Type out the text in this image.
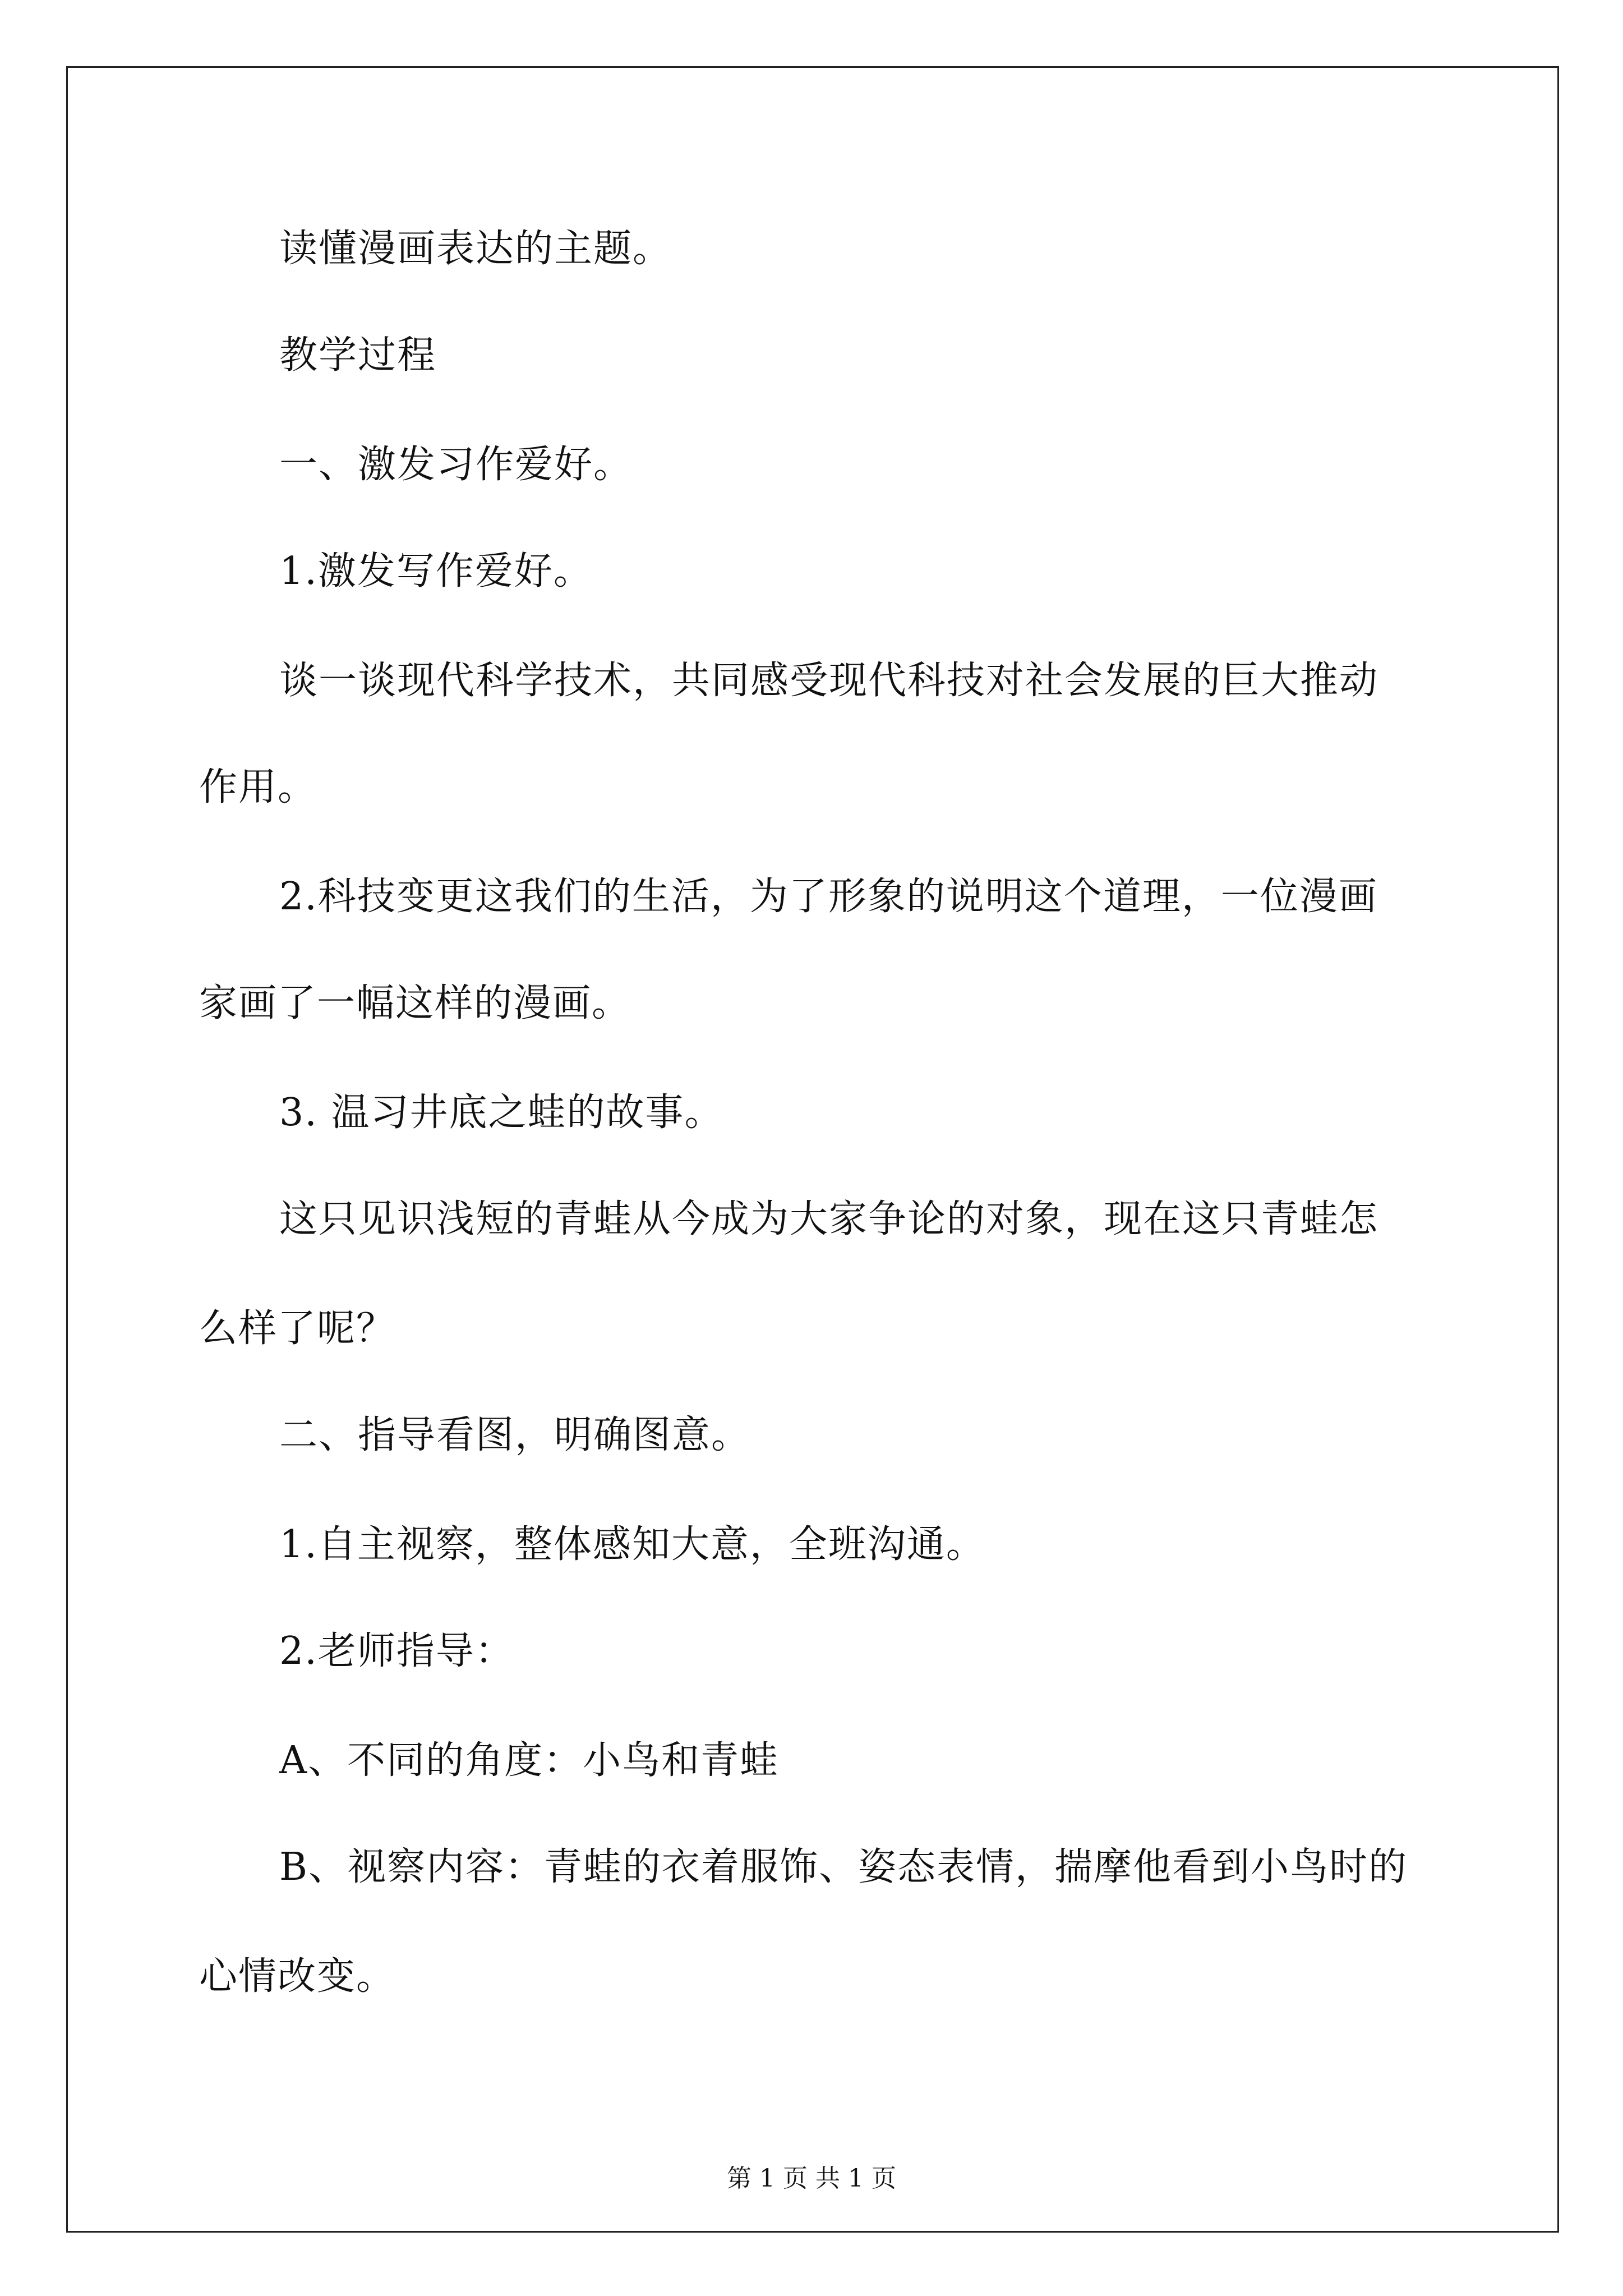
读懂漫画表达的主题。
教学过程
一、激发习作爱好。
1.激发写作爱好。
谈一谈现代科学技术，共同感受现代科技对社会发展的巨大推动
作用。
2.科技变更这我们的生活，为了形象的说明这个道理，一位漫画
家画了一幅这样的漫画。
3. 温习井底之蛙的故事。
这只见识浅短的青蛙从今成为大家争论的对象，现在这只青蛙怎
么样了呢？
二、指导看图，明确图意。
1.自主视察，整体感知大意，全班沟通。
2.老师指导：
A、不同的角度：小鸟和青蛙
B、视察内容：青蛙的衣着服饰、姿态表情，揣摩他看到小鸟时的
心情改变。
第 1 页 共 1 页
